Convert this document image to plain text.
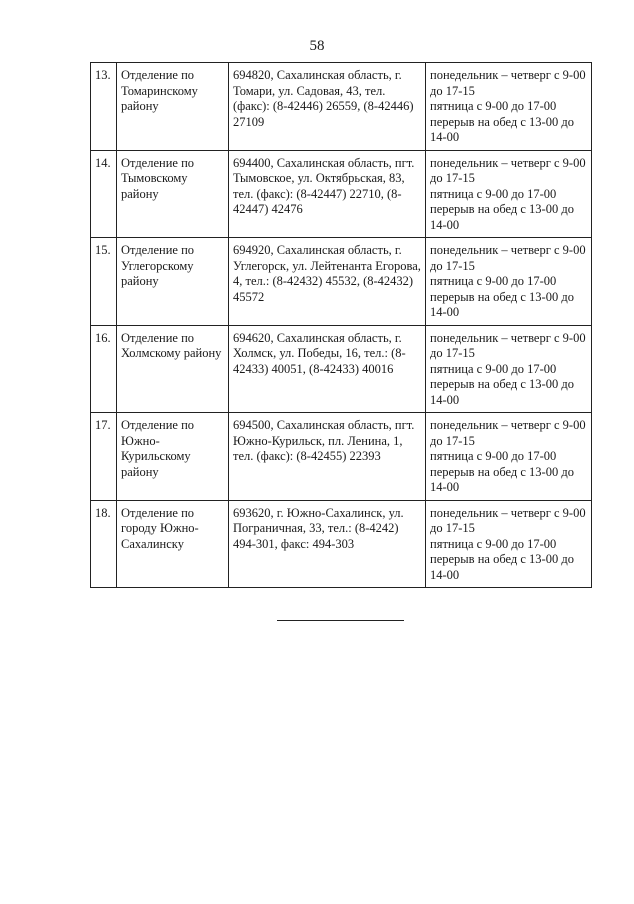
58
13.	Отделение по Томаринскому району	694820, Сахалинская область, г. Томари, ул. Садовая, 43, тел. (факс): (8-42446) 26559, (8-42446) 27109	понедельник – четверг с 9-00 до 17-15
пятница с 9-00 до 17-00
перерыв на обед с 13-00 до 14-00

14.	Отделение по Тымовскому району	694400, Сахалинская область, пгт. Тымовское, ул. Октябрьская, 83, тел. (факс): (8-42447) 22710, (8-42447) 42476	понедельник – четверг с 9-00 до 17-15
пятница с 9-00 до 17-00
перерыв на обед с 13-00 до 14-00

15.	Отделение по Углегорскому району	694920, Сахалинская область, г. Углегорск, ул. Лейтенанта Егорова, 4, тел.: (8-42432) 45532, (8-42432) 45572	понедельник – четверг с 9-00 до 17-15
пятница с 9-00 до 17-00
перерыв на обед с 13-00 до 14-00

16.	Отделение по Холмскому району	694620, Сахалинская область, г. Холмск, ул. Победы, 16, тел.: (8-42433) 40051, (8-42433) 40016	понедельник – четверг с 9-00 до 17-15
пятница с 9-00 до 17-00
перерыв на обед с 13-00 до 14-00

17.	Отделение по Южно-Курильскому району	694500, Сахалинская область, пгт. Южно-Курильск, пл. Ленина, 1, тел. (факс): (8-42455) 22393	понедельник – четверг с 9-00 до 17-15
пятница с 9-00 до 17-00
перерыв на обед с 13-00 до 14-00

18.	Отделение по городу Южно-Сахалинску	693620, г. Южно-Сахалинск, ул. Пограничная, 33, тел.: (8-4242) 494-301, факс: 494-303	понедельник – четверг с 9-00 до 17-15
пятница с 9-00 до 17-00
перерыв на обед с 13-00 до 14-00
